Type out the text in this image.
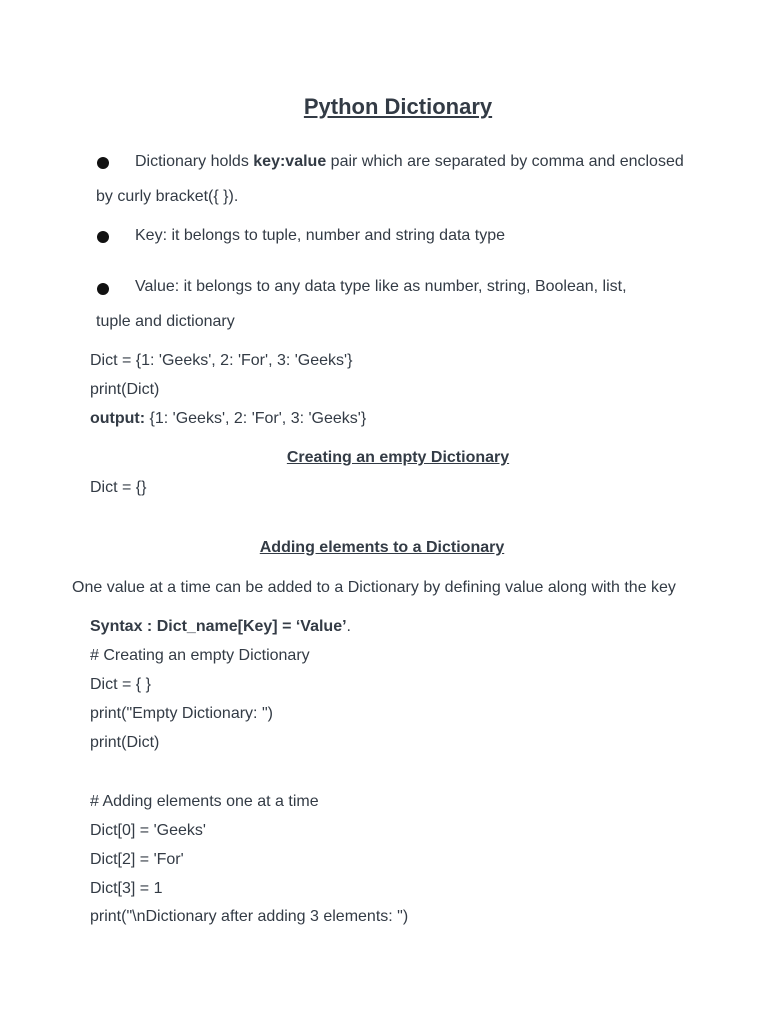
Python Dictionary
Dictionary holds key:value pair which are separated by comma and enclosed
by curly bracket({ }).
Key: it belongs to tuple, number and string data type
Value: it belongs to any data type like as number, string, Boolean, list,
tuple and dictionary
Dict = {1: 'Geeks', 2: 'For', 3: 'Geeks'}
print(Dict)
output: {1: 'Geeks', 2: 'For', 3: 'Geeks'}
Creating an empty Dictionary
Dict = {}
Adding elements to a Dictionary
One value at a time can be added to a Dictionary by defining value along with the key
Syntax : Dict_name[Key] = ‘Value’.
# Creating an empty Dictionary
Dict = { }
print("Empty Dictionary: ")
print(Dict)
# Adding elements one at a time
Dict[0] = 'Geeks'
Dict[2] = 'For'
Dict[3] = 1
print("\nDictionary after adding 3 elements: ")
